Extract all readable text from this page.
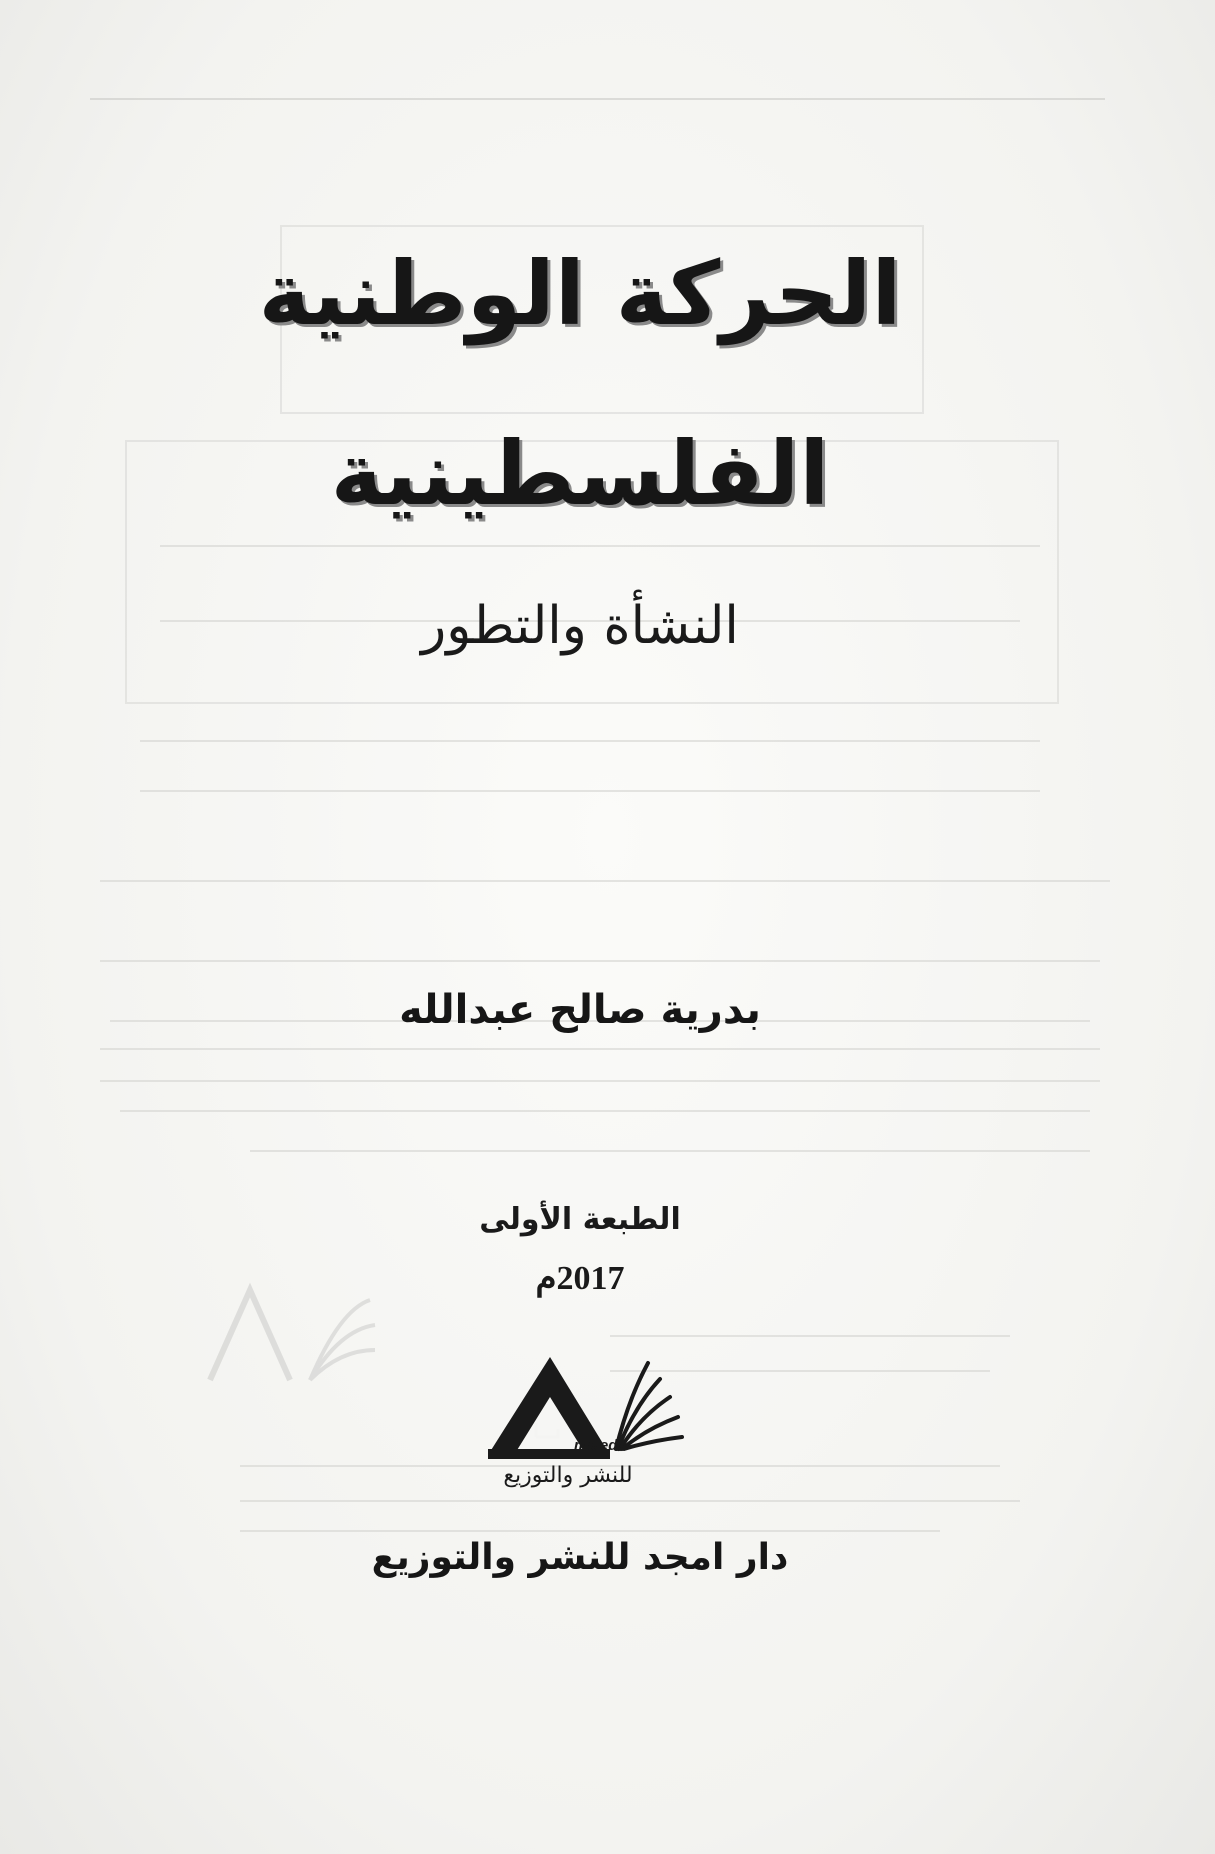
الحركة الوطنية
الفلسطينية
النشأة والتطور
بدرية صالح عبدالله
الطبعة الأولى
2017م
majed
للنشر والتوزيع
دار امجد للنشر والتوزيع
